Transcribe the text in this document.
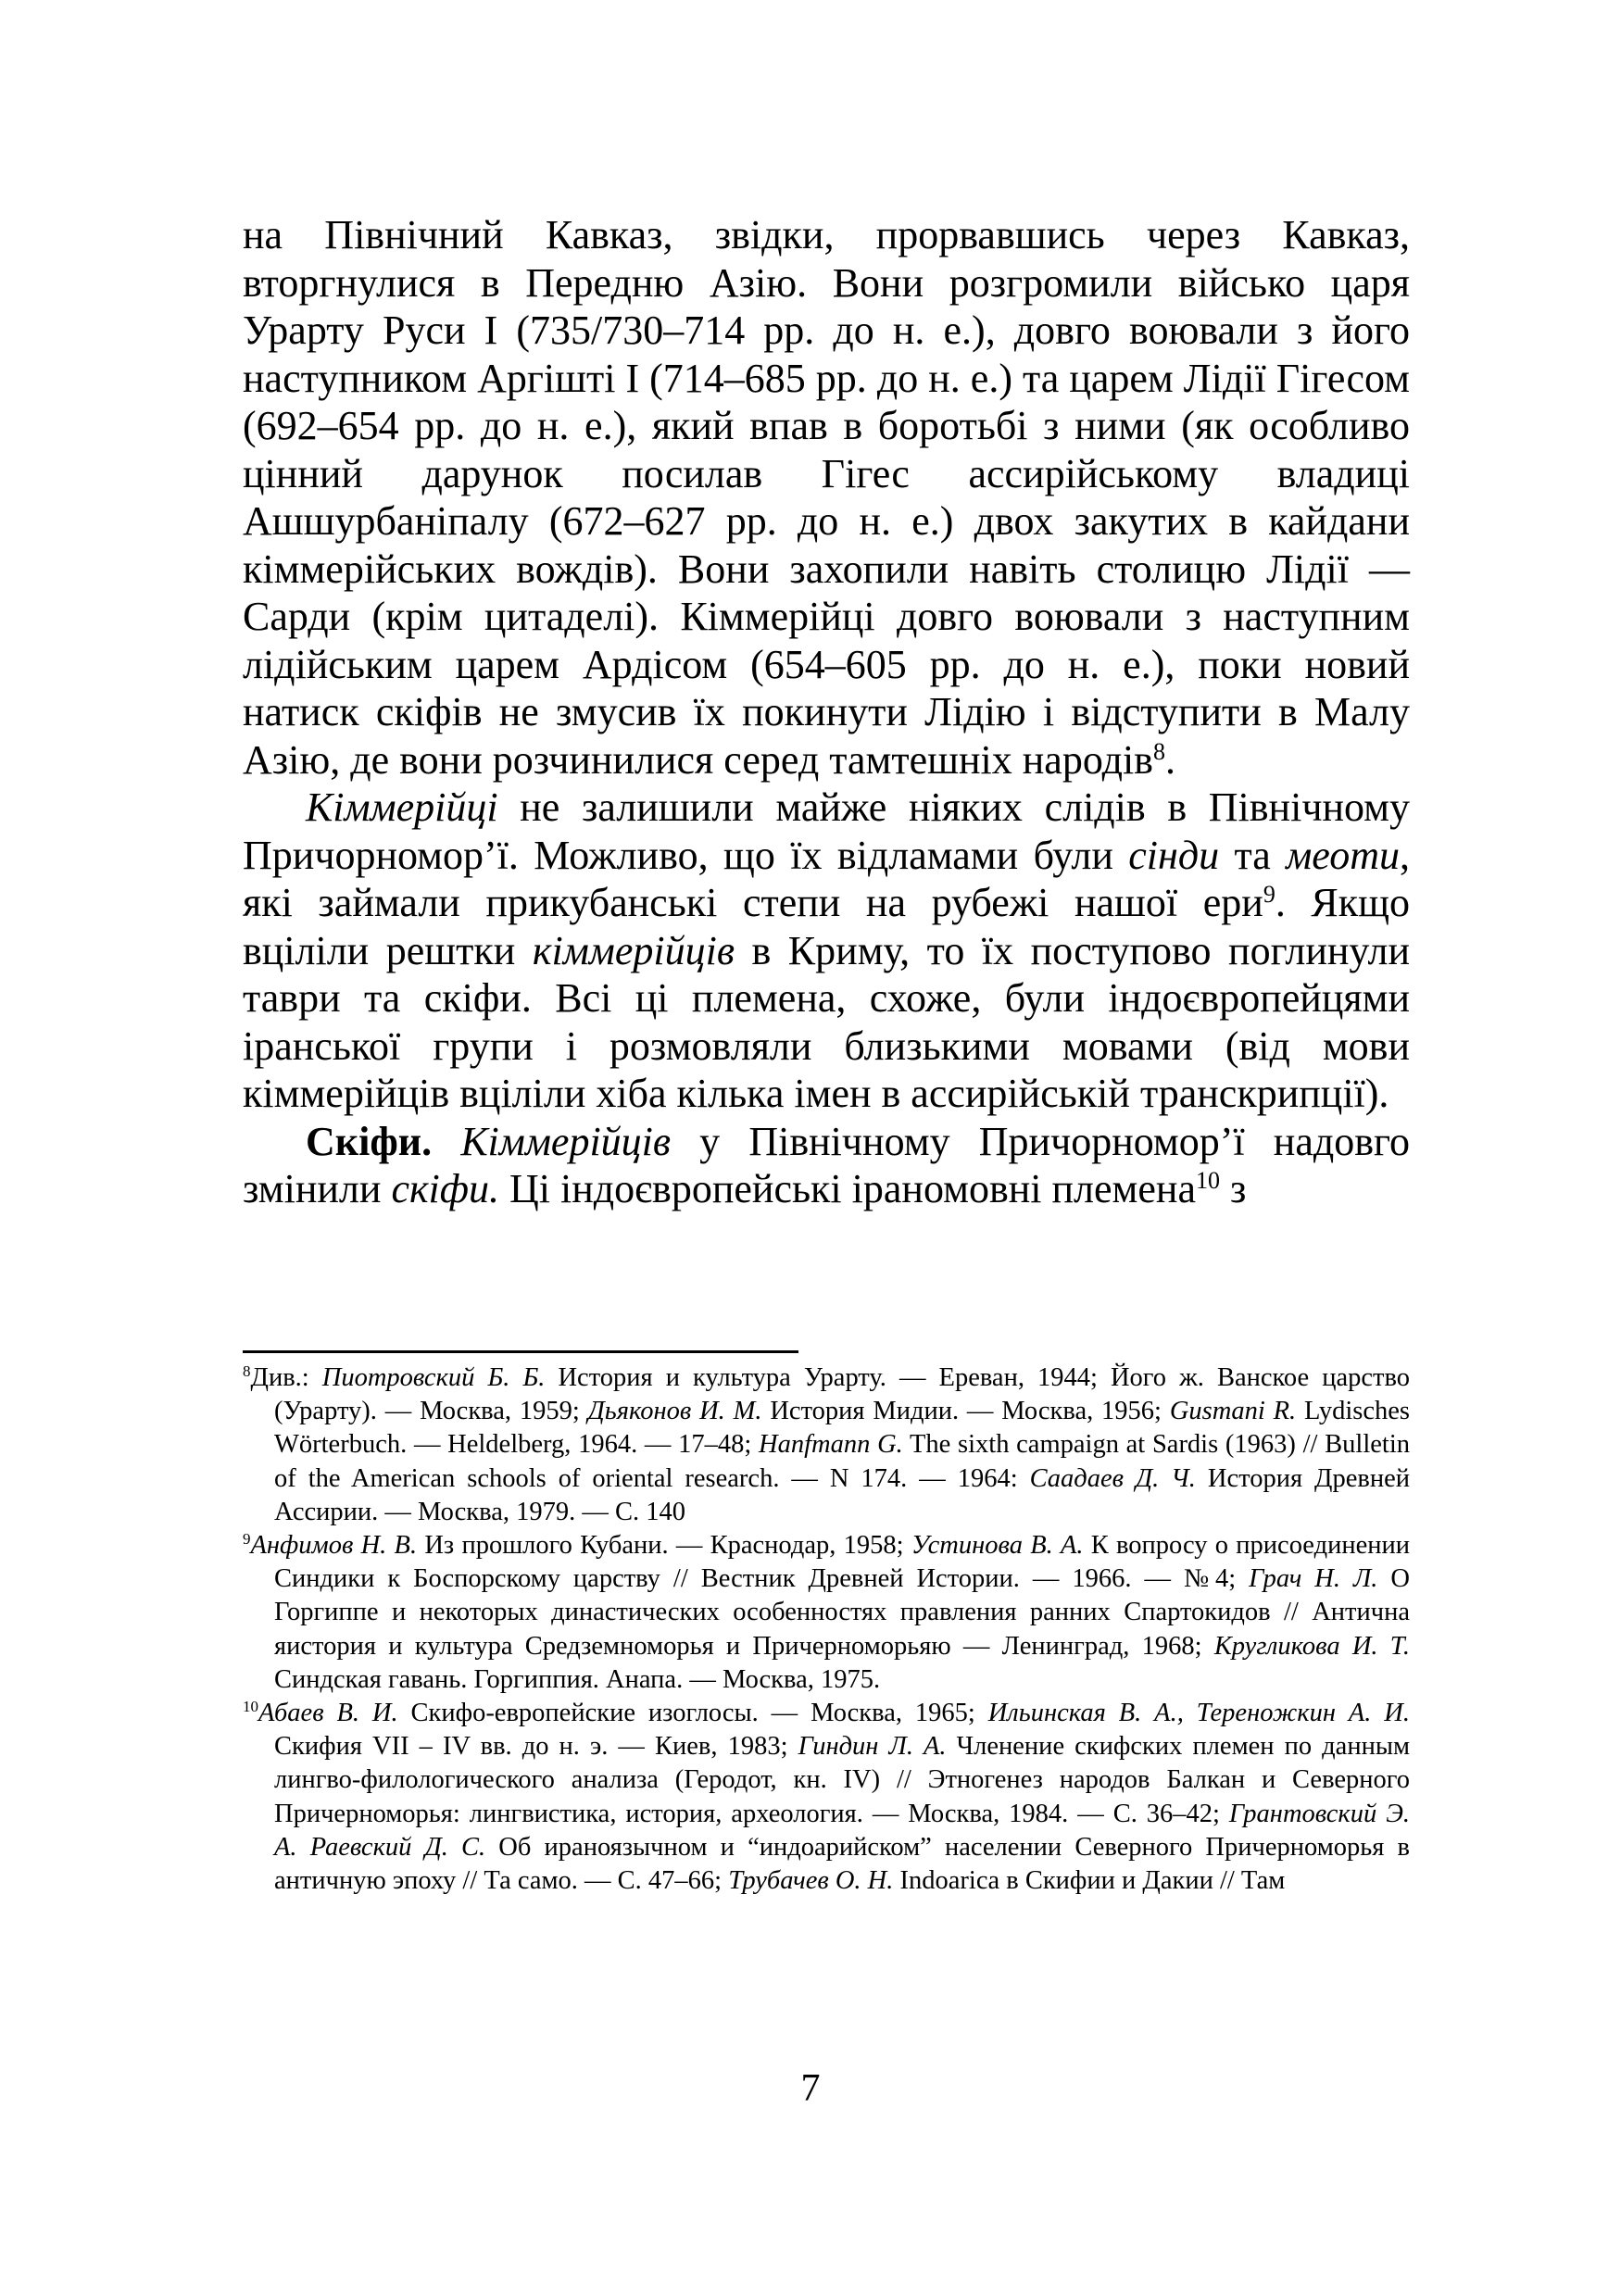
на Північний Кавказ, звідки, прорвавшись через Кавказ, вторгнулися в Передню Азію. Вони розгромили військо царя Урарту Руси I (735/730–714 рр. до н. е.), довго воювали з його наступником Аргішті I (714–685 рр. до н. е.) та царем Лідії Гігесом (692–654 рр. до н. е.), який впав в боротьбі з ними (як особливо цінний дарунок посилав Гігес ассирійському владиці Ашшурбаніпалу (672–627 рр. до н. е.) двох закутих в кайдани кіммерійських вождів). Вони захопили навіть столицю Лідії — Сарди (крім цитаделі). Кіммерійці довго воювали з наступним лідійським царем Ардісом (654–605 рр. до н. е.), поки новий натиск скіфів не змусив їх покинути Лідію і відступити в Малу Азію, де вони розчинилися серед тамтешніх народів$^8$.

Кіммерійці не залишили майже ніяких слідів в Північному Причорномор’ї. Можливо, що їх відламами були сінди та меоти, які займали прикубанські степи на рубежі нашої ери$^9$. Якщо вціліли рештки кіммерійців в Криму, то їх поступово поглинули таври та скіфи. Всі ці племена, схоже, були індоєвропейцями іранської групи і розмовляли близькими мовами (від мови кіммерійців вціліли хіба кілька імен в ассирійській транскрипції).

Скіфи. Кіммерійців у Північному Причорномор’ї надовго змінили скіфи. Ці індоєвропейські іраномовні племена$^{10}$ з

$^8$Див.: Пиотровский Б. Б. История и культура Урарту. — Ереван, 1944; Його ж. Ванское царство (Урарту). — Москва, 1959; Дьяконов И. М. История Мидии. — Москва, 1956; Gusmani R. Lydisches Wörterbuch. — Heldelberg, 1964. — 17–48; Hanfmann G. The sixth campaign at Sardis (1963) // Bulletin of the American schools of oriental research. — N 174. — 1964: Саадаев Д. Ч. История Древней Ассирии. — Москва, 1979. — С. 140

$^9$Анфимов Н. В. Из прошлого Кубани. — Краснодар, 1958; Устинова В. А. К вопросу о присоединении Синдики к Боспорскому царству // Вестник Древней Истории. — 1966. — №4; Грач Н. Л. О Горгиппе и некоторых династических особенностях правления ранних Спартокидов // Антична яистория и культура Средземноморья и Причерноморьяю — Ленинград, 1968; Кругликова И. Т. Синдская гавань. Горгиппия. Анапа. — Москва, 1975.

$^{10}$Абаев В. И. Скифо-европейские изоглосы. — Москва, 1965; Ильинская В. А., Тереножкин А. И. Скифия VII – IV вв. до н. э. — Киев, 1983; Гиндин Л. А. Членение скифских племен по данным лингво-филологического анализа (Геродот, кн. IV) // Этногенез народов Балкан и Северного Причерноморья: лингвистика, история, археология. — Москва, 1984. — С. 36–42; Грантовский Э. А. Раевский Д. С. Об ираноязычном и “индоарийском” населении Северного Причерноморья в античную эпоху // Та само. — С. 47–66; Трубачев О. Н. Indoarica в Скифии и Дакии // Там

7
